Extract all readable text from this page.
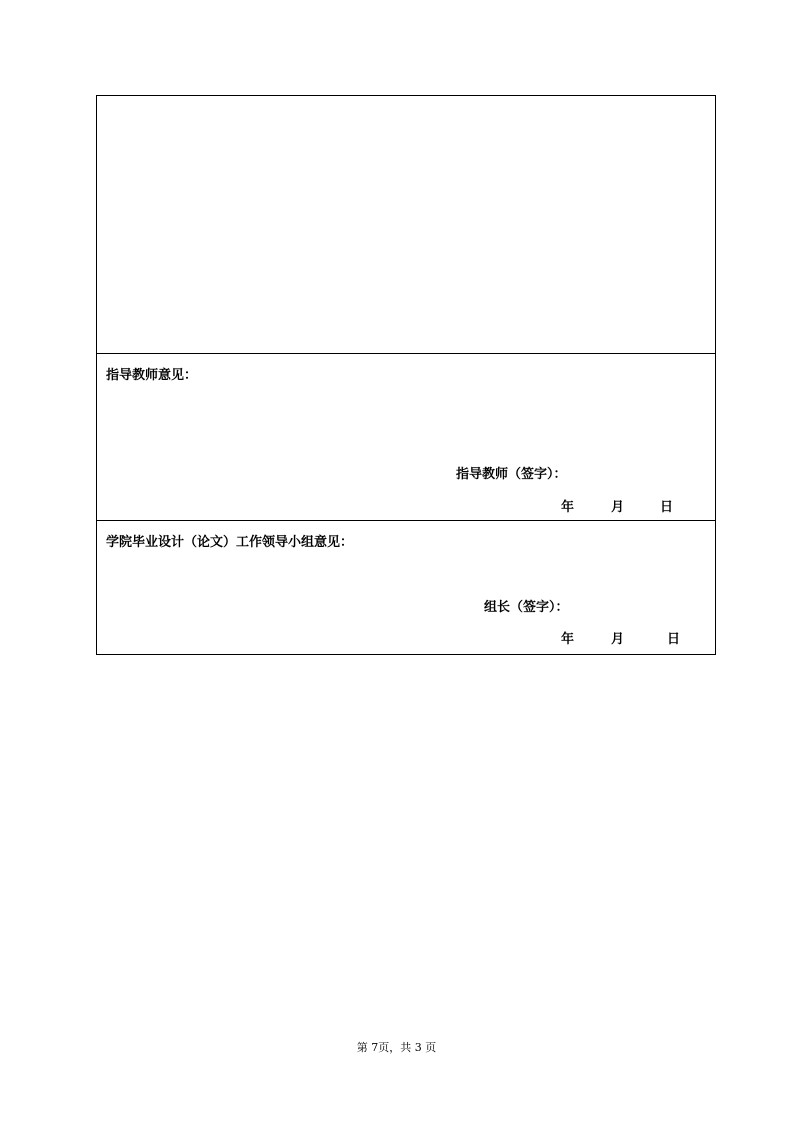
指导教师意见：
指导教师（签字）：
年	月	日
学院毕业设计（论文）工作领导小组意见：
组长（签字）：
年	月	日
第 7页，共 3 页
